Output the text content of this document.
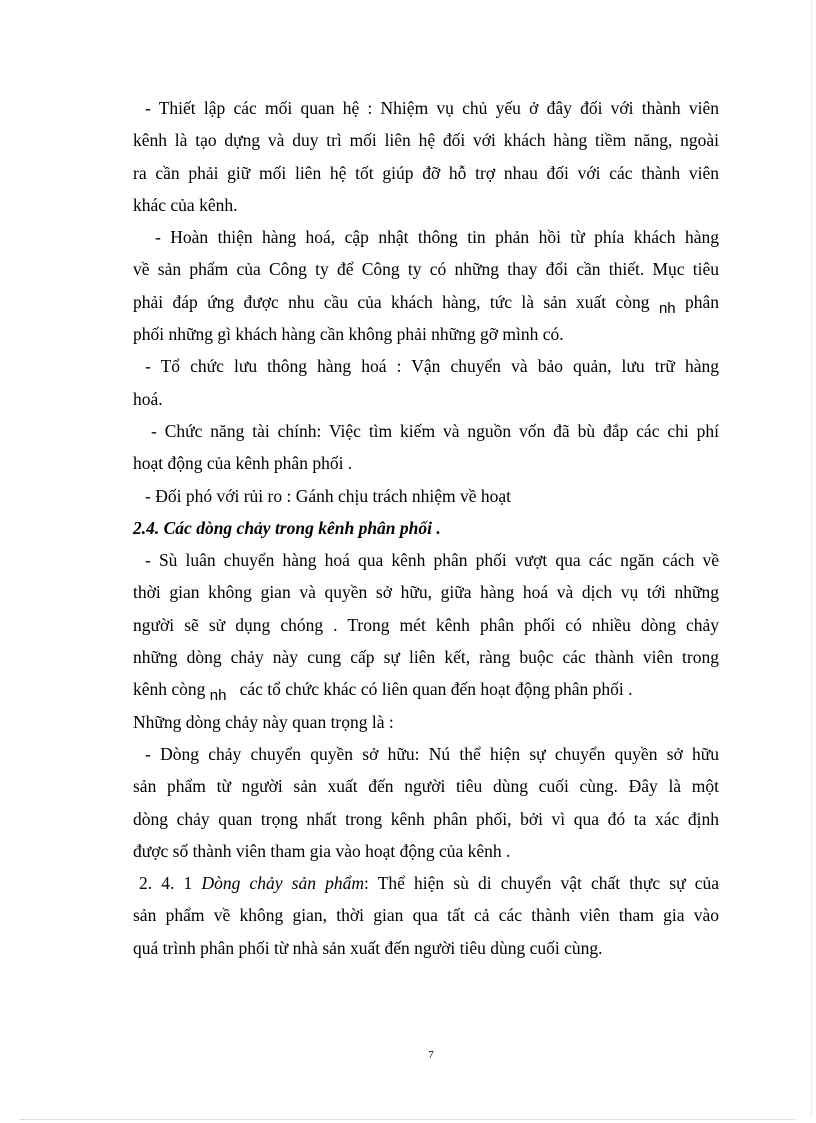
- Thiết lập các mối quan hệ : Nhiệm vụ chủ yếu ở đây đối với thành viên
kênh là tạo dựng và duy trì mối liên hệ đối với khách hàng tiềm năng, ngoài
ra cần phải giữ mối liên hệ tốt giúp đỡ hỗ trợ nhau đối với các thành viên
khác của kênh.
- Hoàn thiện hàng hoá, cập nhật thông tin phản hồi từ phía khách hàng
về sản phẩm của Công ty để Công ty có những thay đổi cần thiết. Mục tiêu
phải đáp ứng được nhu cầu của khách hàng, tức là sản xuất còng nh phân
phối những gì khách hàng cần không phải những gỡ mình có.
- Tổ chức lưu thông hàng hoá : Vận chuyển và bảo quản, lưu trữ hàng
hoá.
- Chức năng tài chính: Việc tìm kiếm và nguồn vốn đã bù đắp các chi phí
hoạt động của kênh phân phối .
- Đối phó với rủi ro : Gánh chịu trách nhiệm về hoạt
2.4. Các dòng chảy trong kênh phân phối .
- Sù luân chuyển hàng hoá qua kênh phân phối vượt qua các ngăn cách về
thời gian không gian và quyền sở hữu, giữa hàng hoá và dịch vụ tới những
người sẽ sử dụng chóng . Trong mét kênh phân phối có nhiều dòng chảy
những dòng chảy này cung cấp sự liên kết, ràng buộc các thành viên trong
kênh còng nh các tổ chức khác có liên quan đến hoạt động phân phối .
Những dòng chảy này quan trọng là :
- Dòng chảy chuyển quyền sở hữu: Nú thể hiện sự chuyển quyền sở hữu
sản phẩm từ người sản xuất đến người tiêu dùng cuối cùng. Đây là một
dòng chảy quan trọng nhất trong kênh phân phối, bởi vì qua đó ta xác định
được số thành viên tham gia vào hoạt động của kênh .
2. 4. 1 Dòng chảy sản phẩm: Thể hiện sù di chuyển vật chất thực sự của
sản phẩm về không gian, thời gian qua tất cả các thành viên tham gia vào
quá trình phân phối từ nhà sản xuất đến người tiêu dùng cuối cùng.
7
